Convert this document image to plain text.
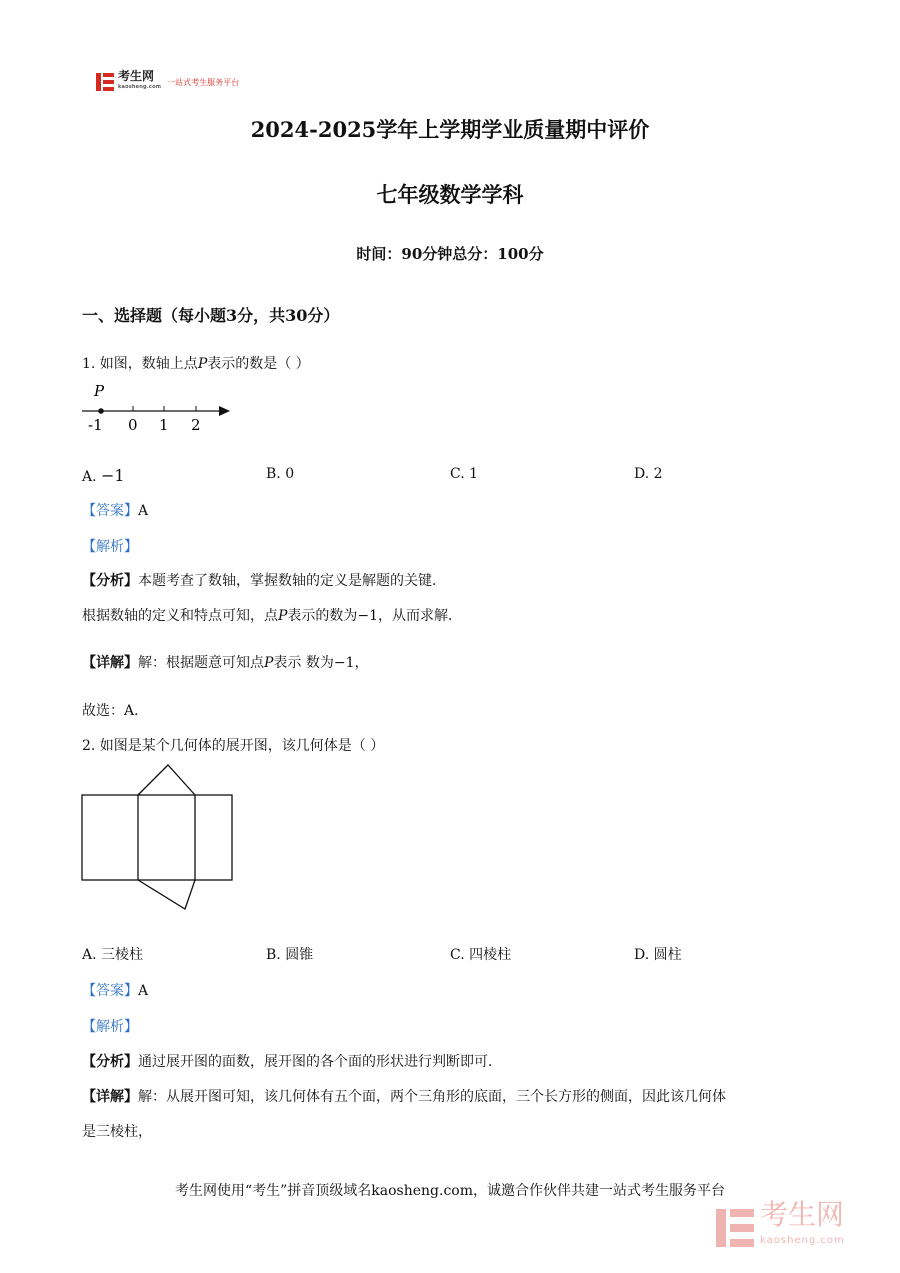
考生网
kaosheng.com
一站式考生服务平台
2024-2025学年上学期学业质量期中评价
七年级数学学科
时间：90分钟总分：100分
一、选择题（每小题3分，共30分）
1. 如图，数轴上点P表示的数是（ ）
P
-1 0 1 2
A. −1	B. 0	C. 1	D. 2
【答案】A
【解析】
【分析】本题考查了数轴，掌握数轴的定义是解题的关键．
根据数轴的定义和特点可知，点P表示的数为−1，从而求解．
【详解】解：根据题意可知点P表示 数为−1，
故选：A．
2. 如图是某个几何体的展开图，该几何体是（ ）
A. 三棱柱	B. 圆锥	C. 四棱柱	D. 圆柱
【答案】A
【解析】
【分析】通过展开图的面数，展开图的各个面的形状进行判断即可．
【详解】解：从展开图可知，该几何体有五个面，两个三角形的底面，三个长方形的侧面，因此该几何体
是三棱柱，
考生网使用“考生”拼音顶级域名kaosheng.com，诚邀合作伙伴共建一站式考生服务平台
考生网
kaosheng.com
